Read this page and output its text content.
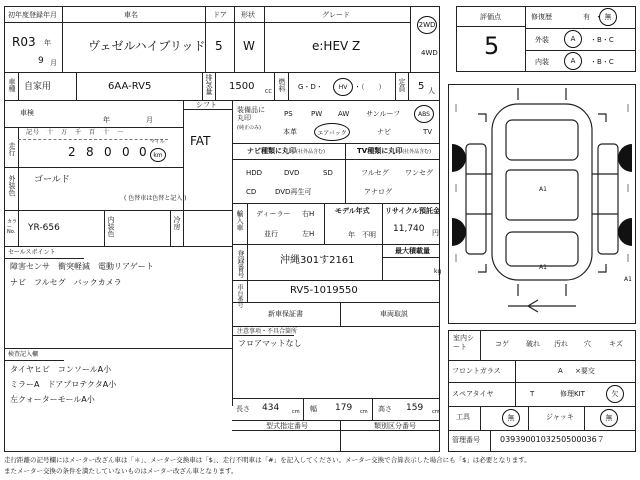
初年度登録年月
R03 年
9 月
車名
ヴェゼルハイブリッド
ドア
5
形状
W
グレード
e:HEV Z
2WD
4WD
車種 自家用	6AA-RV5	排気量 1500 CC 燃料 G・D・	HV ・（　　） 定員 5 人
車検
年	月
シフト
FAT
走行
記号　十　万　千　百　十　一
2 8 0 0 0
マイル
km
外装色 ゴールド
( 色替車は色替と記入 )
カラーNo. YR-656	内装色	冷房
セールスポイント
障害センサ　衝突軽減　電動リアゲート
ナビ　フルセグ　バックカメラ
検査記入欄
タイヤヒビ　コンソールA小
ミラーA　ドアプロテクタA小
左クォーターモールA小
装備品に丸印
(純正のみ)
PS	PW AW サンルーフ	ABS
本革	エアバック	ナビ	TV
ナビ種類に丸印(社外品含む)	TV種類に丸印(社外品含む)
HDD	DVD	SD
CD	DVD再生可
フルセグ ワンセグ
アナログ
輸入車 ディーラー
並行
右H
左H
モデル年式
年　不明
リサイクル預託金
11,740 円
登録番号	沖縄301す2161
最大積載量
kg
車台番号	RV5-1019550
新車保証書	車両取説
注意事項・不具合箇所
フロアマットなし
長さ 434	cm 幅 179 cm 高さ 159 cm
型式指定番号	類別区分番号
評価点
5
修復歴	有 ・ 無
外装	A ・B・C
内装	A ・B・C
A1
A1
A1
室内シート	コゲ 破れ 汚れ 穴	キズ
フロントガラス	A ×要交
スペアタイヤ	T	修理KIT	欠
工具	無	ジャッキ	無
管理番号	0393900103250500036７
走行距離の記号欄にはメーター改ざん車は「＊」、メーター交換車は「$」、走行不明車は「#」を記入してください。メーター交換で合算表示した場合にも「$」は必要となります。
またメーター交換の条件を満たしていないものはメーター改ざん車となります。
